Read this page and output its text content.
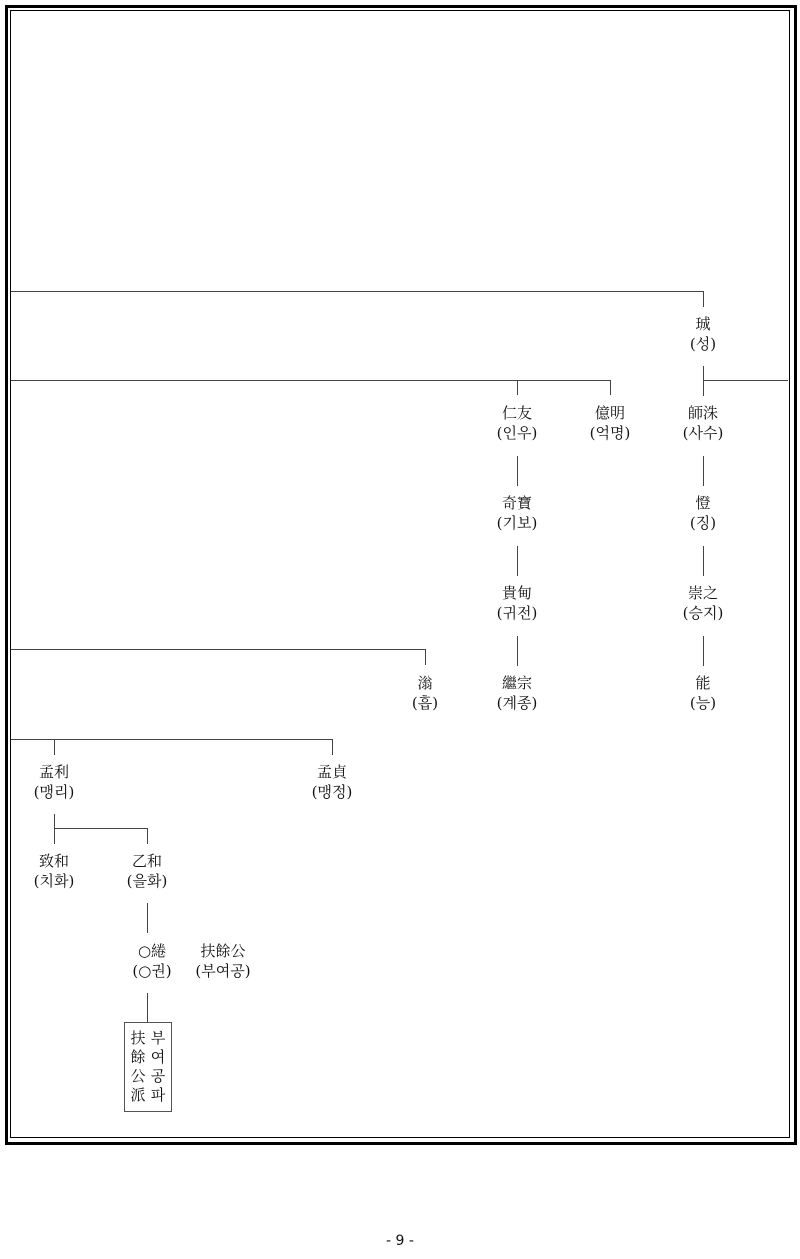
珹
(성)
仁友
(인우)
億明
(억명)
師洙
(사수)
奇寶
(기보)
憕
(징)
貴甸
(귀전)
崇之
(승지)
滃
(흡)
繼宗
(계종)
能
(능)
孟利
(맹리)
孟貞
(맹정)
致和
(치화)
乙和
(을화)
○綣
(○권)
扶餘公
(부여공)
扶餘公派
부여공파
- 9 -
